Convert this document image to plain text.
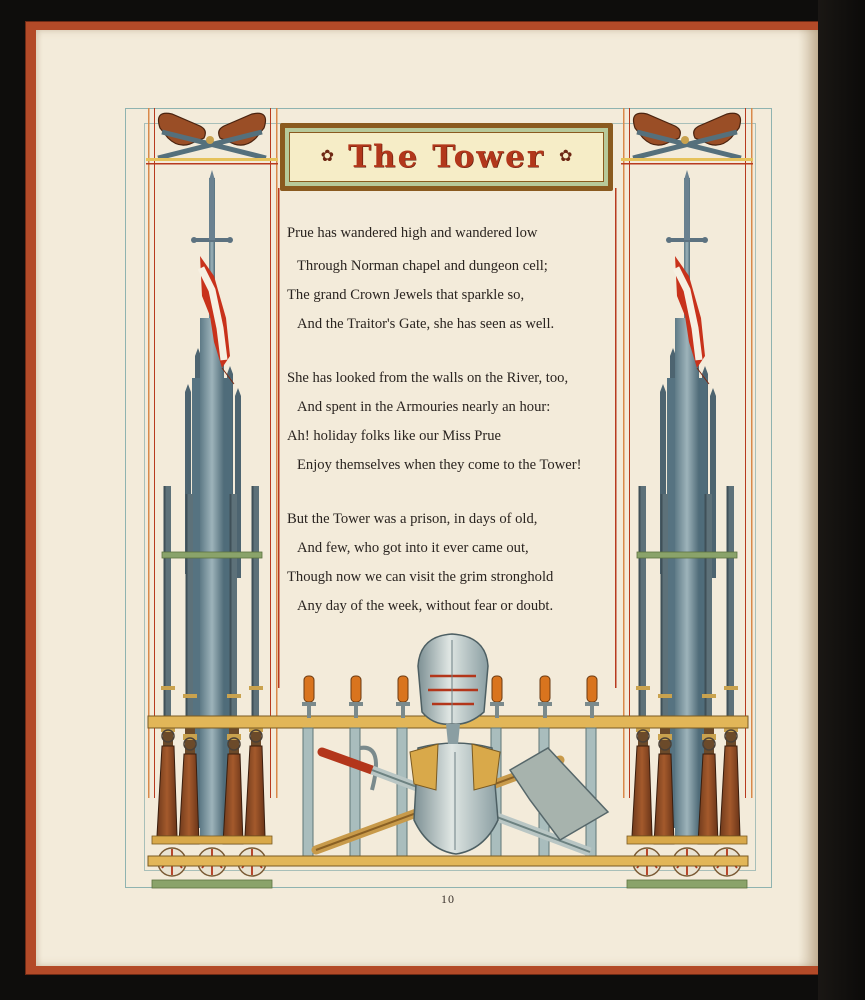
✿ The Tower ✿
Prue has wandered high and wandered low
Through Norman chapel and dungeon cell;
The grand Crown Jewels that sparkle so,
And the Traitor's Gate, she has seen as well.
She has looked from the walls on the River, too,
And spent in the Armouries nearly an hour:
Ah! holiday folks like our Miss Prue
Enjoy themselves when they come to the Tower!
But the Tower was a prison, in days of old,
And few, who got into it ever came out,
Though now we can visit the grim stronghold
Any day of the week, without fear or doubt.
10
